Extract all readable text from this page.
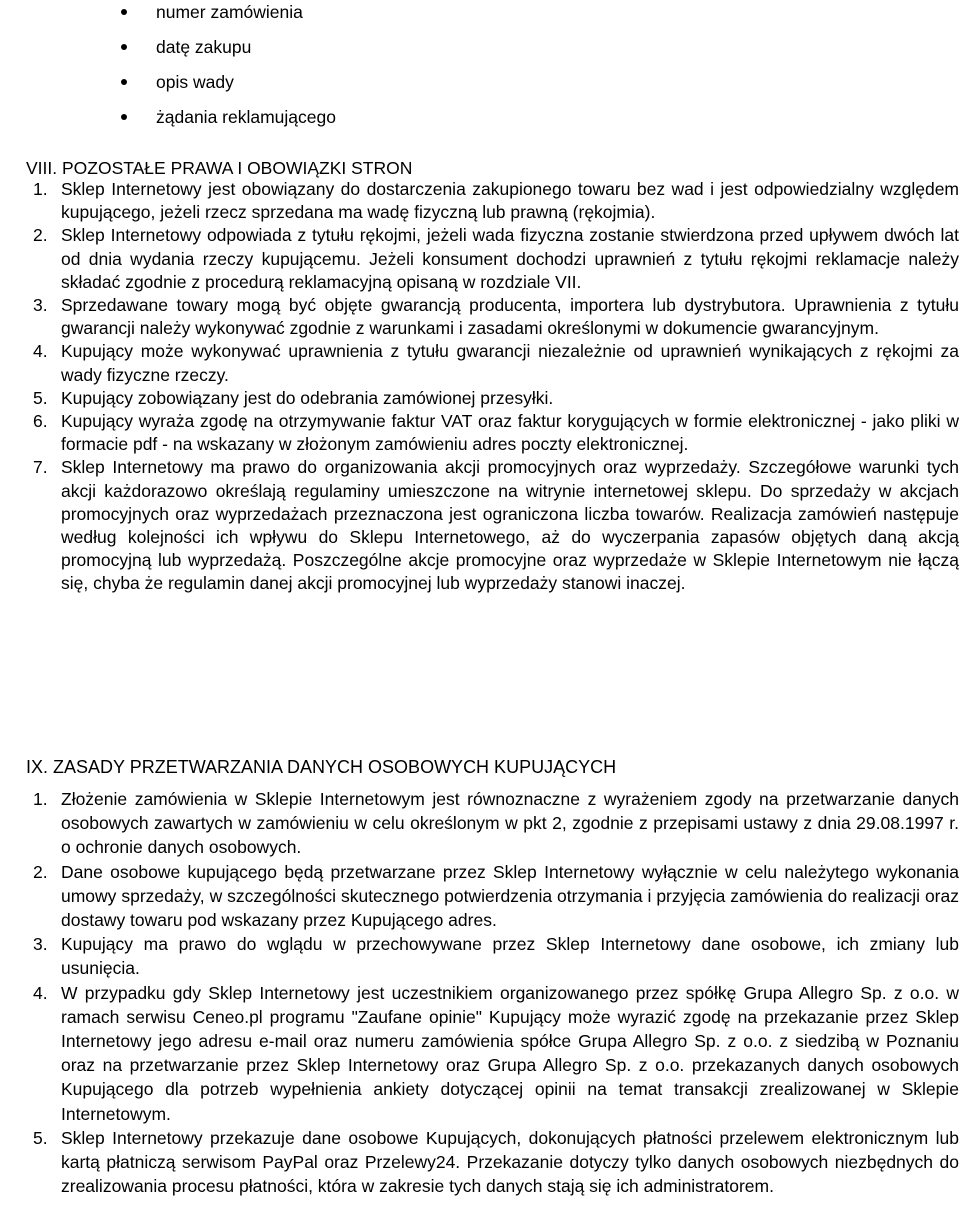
numer zamówienia
datę zakupu
opis wady
żądania reklamującego
VIII. POZOSTAŁE PRAWA I OBOWIĄZKI STRON
1. Sklep Internetowy jest obowiązany do dostarczenia zakupionego towaru bez wad i jest odpowiedzialny względem kupującego, jeżeli rzecz sprzedana ma wadę fizyczną lub prawną (rękojmia).
2. Sklep Internetowy odpowiada z tytułu rękojmi, jeżeli wada fizyczna zostanie stwierdzona przed upływem dwóch lat od dnia wydania rzeczy kupującemu. Jeżeli konsument dochodzi uprawnień z tytułu rękojmi reklamacje należy składać zgodnie z procedurą reklamacyjną opisaną w rozdziale VII.
3. Sprzedawane towary mogą być objęte gwarancją producenta, importera lub dystrybutora. Uprawnienia z tytułu gwarancji należy wykonywać zgodnie z warunkami i zasadami określonymi w dokumencie gwarancyjnym.
4. Kupujący może wykonywać uprawnienia z tytułu gwarancji niezależnie od uprawnień wynikających z rękojmi za wady fizyczne rzeczy.
5. Kupujący zobowiązany jest do odebrania zamówionej przesyłki.
6. Kupujący wyraża zgodę na otrzymywanie faktur VAT oraz faktur korygujących w formie elektronicznej - jako pliki w formacie pdf - na wskazany w złożonym zamówieniu adres poczty elektronicznej.
7. Sklep Internetowy ma prawo do organizowania akcji promocyjnych oraz wyprzedaży. Szczegółowe warunki tych akcji każdorazowo określają regulaminy umieszczone na witrynie internetowej sklepu. Do sprzedaży w akcjach promocyjnych oraz wyprzedażach przeznaczona jest ograniczona liczba towarów. Realizacja zamówień następuje według kolejności ich wpływu do Sklepu Internetowego, aż do wyczerpania zapasów objętych daną akcją promocyjną lub wyprzedażą. Poszczególne akcje promocyjne oraz wyprzedaże w Sklepie Internetowym nie łączą się, chyba że regulamin danej akcji promocyjnej lub wyprzedaży stanowi inaczej.
IX. ZASADY PRZETWARZANIA DANYCH OSOBOWYCH KUPUJĄCYCH
1. Złożenie zamówienia w Sklepie Internetowym jest równoznaczne z wyrażeniem zgody na przetwarzanie danych osobowych zawartych w zamówieniu w celu określonym w pkt 2, zgodnie z przepisami ustawy z dnia 29.08.1997 r. o ochronie danych osobowych.
2. Dane osobowe kupującego będą przetwarzane przez Sklep Internetowy wyłącznie w celu należytego wykonania umowy sprzedaży, w szczególności skutecznego potwierdzenia otrzymania i przyjęcia zamówienia do realizacji oraz dostawy towaru pod wskazany przez Kupującego adres.
3. Kupujący ma prawo do wglądu w przechowywane przez Sklep Internetowy dane osobowe, ich zmiany lub usunięcia.
4. W przypadku gdy Sklep Internetowy jest uczestnikiem organizowanego przez spółkę Grupa Allegro Sp. z o.o. w ramach serwisu Ceneo.pl programu "Zaufane opinie" Kupujący może wyrazić zgodę na przekazanie przez Sklep Internetowy jego adresu e-mail oraz numeru zamówienia spółce Grupa Allegro Sp. z o.o. z siedzibą w Poznaniu oraz na przetwarzanie przez Sklep Internetowy oraz Grupa Allegro Sp. z o.o. przekazanych danych osobowych Kupującego dla potrzeb wypełnienia ankiety dotyczącej opinii na temat transakcji zrealizowanej w Sklepie Internetowym.
5. Sklep Internetowy przekazuje dane osobowe Kupujących, dokonujących płatności przelewem elektronicznym lub kartą płatniczą serwisom PayPal oraz Przelewy24. Przekazanie dotyczy tylko danych osobowych niezbędnych do zrealizowania procesu płatności, która w zakresie tych danych stają się ich administratorem.
